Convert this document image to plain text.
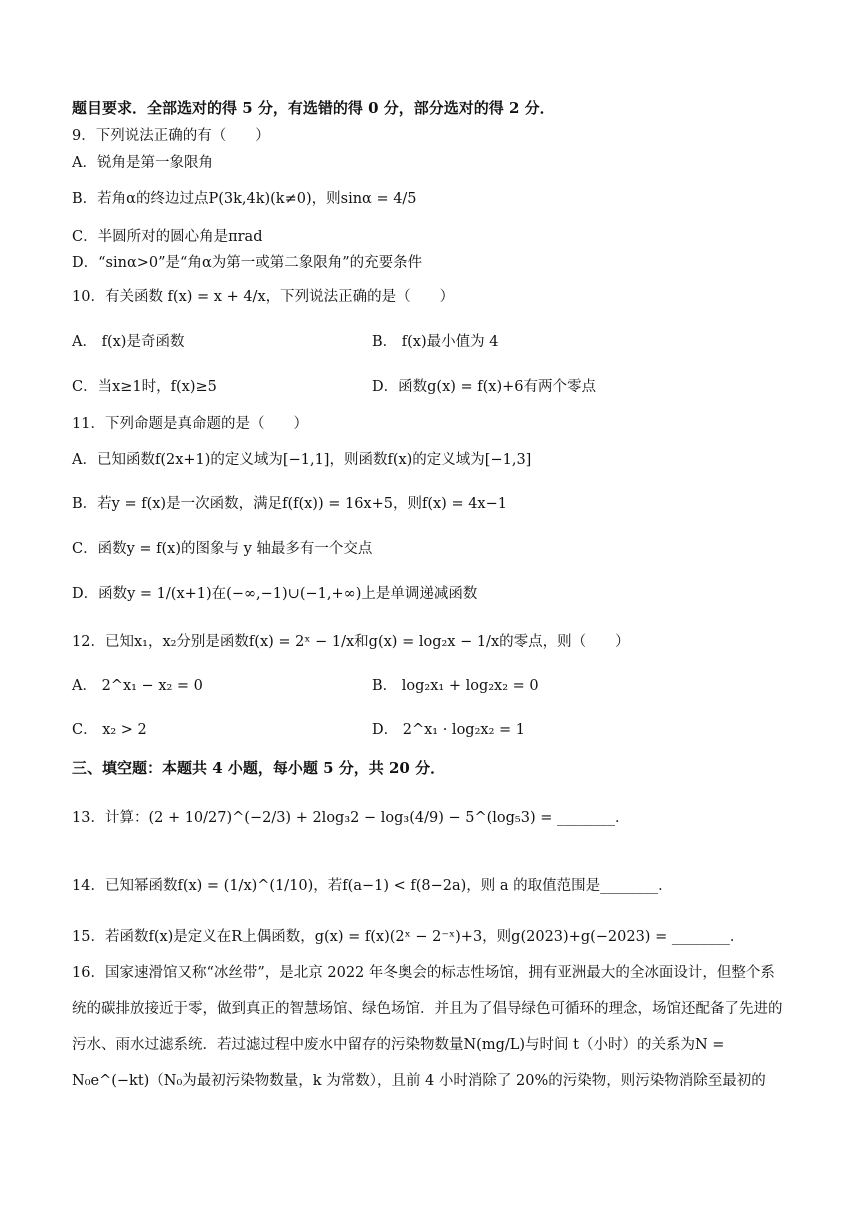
题目要求．全部选对的得 5 分，有选错的得 0 分，部分选对的得 2 分．
9．下列说法正确的有（　　）
A．锐角是第一象限角
B．若角α的终边过点P(3k,4k)(k≠0)，则sinα = 4/5
C．半圆所对的圆心角是πrad
D．“sinα>0”是“角α为第一或第二象限角”的充要条件
10．有关函数 f(x) = x + 4/x，下列说法正确的是（　　）
A． f(x)是奇函数	B． f(x)最小值为 4
C．当x≥1时，f(x)≥5	D．函数g(x) = f(x)+6有两个零点
11．下列命题是真命题的是（　　）
A．已知函数f(2x+1)的定义域为[−1,1]，则函数f(x)的定义域为[−1,3]
B．若y = f(x)是一次函数，满足f(f(x)) = 16x+5，则f(x) = 4x−1
C．函数y = f(x)的图象与 y 轴最多有一个交点
D．函数y = 1/(x+1)在(−∞,−1)∪(−1,+∞)上是单调递减函数
12．已知x₁，x₂分别是函数f(x) = 2ˣ − 1/x和g(x) = log₂x − 1/x的零点，则（　　）
A． 2^x₁ − x₂ = 0	B． log₂x₁ + log₂x₂ = 0
C． x₂ > 2	D． 2^x₁ · log₂x₂ = 1
三、填空题：本题共 4 小题，每小题 5 分，共 20 分．
13．计算：(2 + 10/27)^(−2/3) + 2log₃2 − log₃(4/9) − 5^(log₅3) = ________．
14．已知幂函数f(x) = (1/x)^(1/10)，若f(a−1) < f(8−2a)，则 a 的取值范围是________．
15．若函数f(x)是定义在R上偶函数，g(x) = f(x)(2ˣ − 2⁻ˣ)+3，则g(2023)+g(−2023) = ________．
16．国家速滑馆又称“冰丝带”，是北京 2022 年冬奥会的标志性场馆，拥有亚洲最大的全冰面设计，但整个系统的碳排放接近于零，做到真正的智慧场馆、绿色场馆．并且为了倡导绿色可循环的理念，场馆还配备了先进的污水、雨水过滤系统．若过滤过程中废水中留存的污染物数量N(mg/L)与时间 t（小时）的关系为N = N₀e^(−kt)（N₀为最初污染物数量，k 为常数），且前 4 小时消除了 20%的污染物，则污染物消除至最初的
